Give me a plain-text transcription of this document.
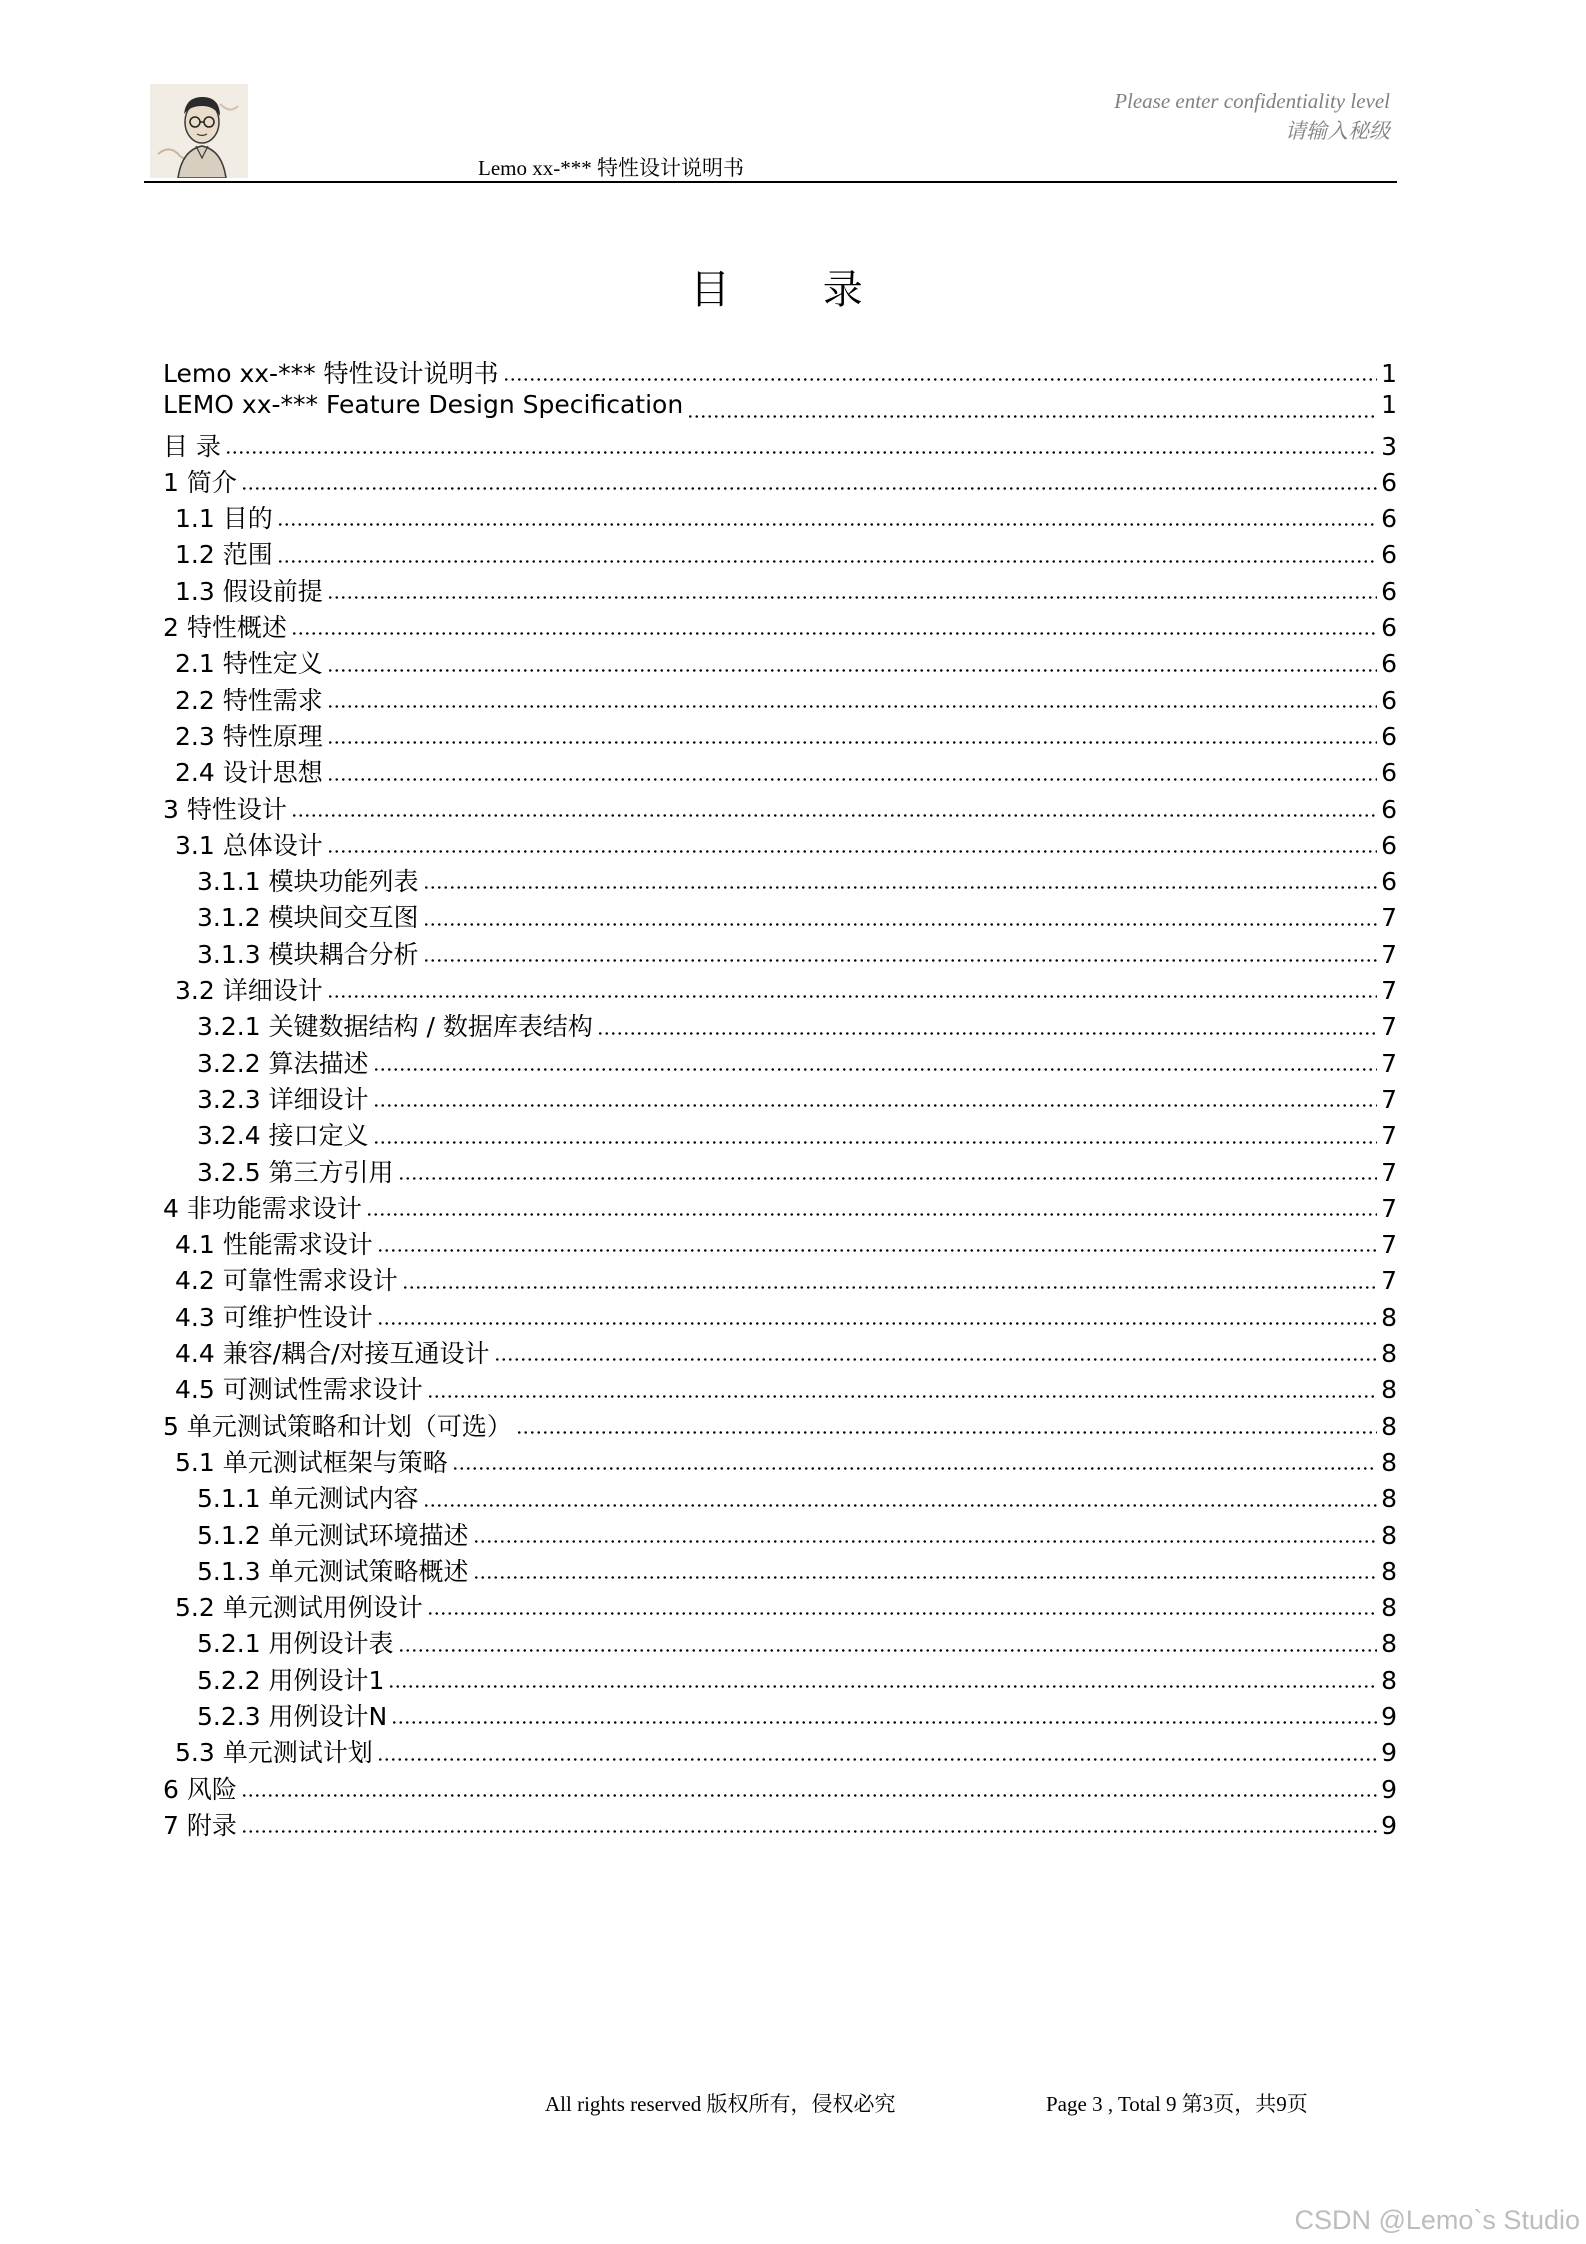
Please enter confidentiality level
请输入秘级
Lemo xx-*** 特性设计说明书
目 录
Lemo xx-*** 特性设计说明书	1
LEMO xx-*** Feature Design Specification	1
目 录	3
1 简介	6
1.1 目的	6
1.2 范围	6
1.3 假设前提	6
2 特性概述	6
2.1 特性定义	6
2.2 特性需求	6
2.3 特性原理	6
2.4 设计思想	6
3 特性设计	6
3.1 总体设计	6
3.1.1 模块功能列表	6
3.1.2 模块间交互图	7
3.1.3 模块耦合分析	7
3.2 详细设计	7
3.2.1 关键数据结构 / 数据库表结构	7
3.2.2 算法描述	7
3.2.3 详细设计	7
3.2.4 接口定义	7
3.2.5 第三方引用	7
4 非功能需求设计	7
4.1 性能需求设计	7
4.2 可靠性需求设计	7
4.3 可维护性设计	8
4.4 兼容/耦合/对接互通设计	8
4.5 可测试性需求设计	8
5 单元测试策略和计划（可选）	8
5.1 单元测试框架与策略	8
5.1.1 单元测试内容	8
5.1.2 单元测试环境描述	8
5.1.3 单元测试策略概述	8
5.2 单元测试用例设计	8
5.2.1 用例设计表	8
5.2.2 用例设计1	8
5.2.3 用例设计N	9
5.3 单元测试计划	9
6 风险	9
7 附录	9
All rights reserved 版权所有，侵权必究	Page 3 , Total 9 第3页，共9页
CSDN @Lemo`s Studio
